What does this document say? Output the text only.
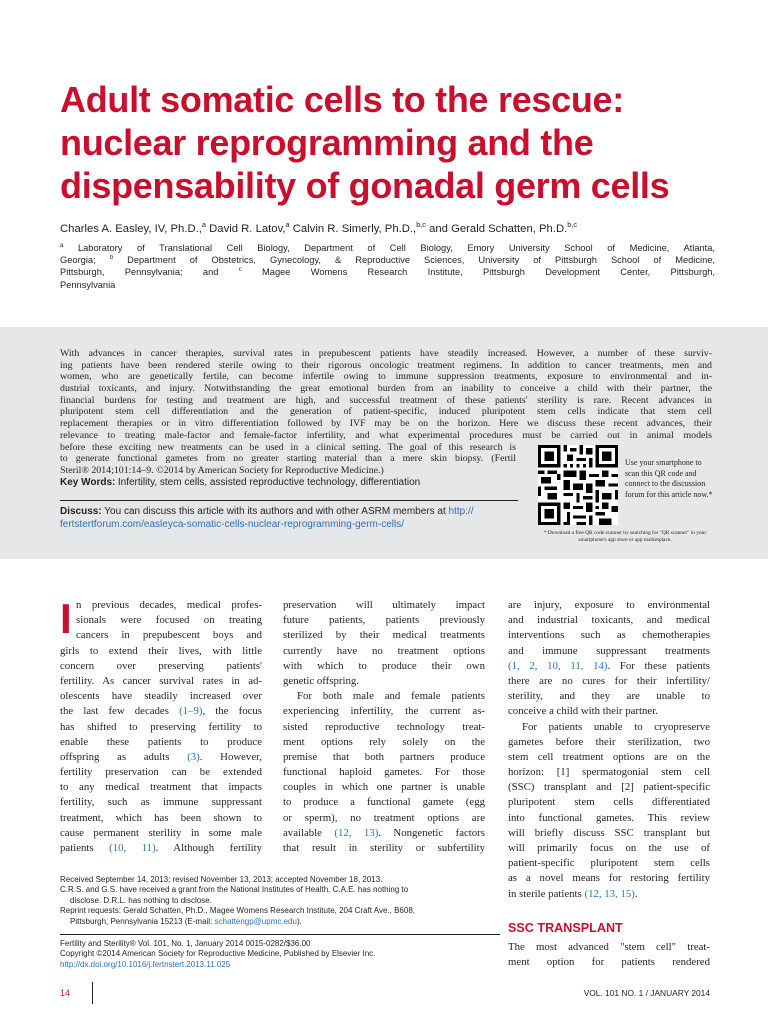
Adult somatic cells to the rescue:
nuclear reprogramming and the
dispensability of gonadal germ cells
Charles A. Easley, IV, Ph.D.,$^a$ David R. Latov,$^a$ Calvin R. Simerly, Ph.D.,$^{b,c}$ and Gerald Schatten, Ph.D.$^{b,c}$
$^a$ Laboratory of Translational Cell Biology, Department of Cell Biology, Emory University School of Medicine, Atlanta,
Georgia; $^b$ Department of Obstetrics, Gynecology, & Reproductive Sciences, University of Pittsburgh School of Medicine,
Pittsburgh, Pennsylvania; and $^c$ Magee Womens Research Institute, Pittsburgh Development Center, Pittsburgh,
Pennsylvania
With advances in cancer therapies, survival rates in prepubescent patients have steadily increased. However, a number of these surviv-
ing patients have been rendered sterile owing to their rigorous oncologic treatment regimens. In addition to cancer treatments, men and
women, who are genetically fertile, can become infertile owing to immune suppression treatments, exposure to environmental and in-
dustrial toxicants, and injury. Notwithstanding the great emotional burden from an inability to conceive a child with their partner, the
financial burdens for testing and treatment are high, and successful treatment of these patients' sterility is rare. Recent advances in
pluripotent stem cell differentiation and the generation of patient-specific, induced pluripotent stem cells indicate that stem cell
replacement therapies or in vitro differentiation followed by IVF may be on the horizon. Here we discuss these recent advances, their
relevance to treating male-factor and female-factor infertility, and what experimental procedures must be carried out in animal models
before these exciting new treatments can be used in a clinical setting. The goal of this research is
to generate functional gametes from no greater starting material than a mere skin biopsy. (Fertil
Steril® 2014;101:14–9. ©2014 by American Society for Reproductive Medicine.)
Key Words: Infertility, stem cells, assisted reproductive technology, differentiation
Discuss: You can discuss this article with its authors and with other ASRM members at http://
fertstertforum.com/easleyca-somatic-cells-nuclear-reprogramming-germ-cells/
Use your smartphone to scan this QR code and connect to the discussion forum for this article now.*
* Download a free QR code scanner by searching for "QR scanner" in your smartphone's app store or app marketplace.
I n previous decades, medical profes-
sionals were focused on treating
cancers in prepubescent boys and
girls to extend their lives, with little
concern over preserving patients'
fertility. As cancer survival rates in ad-
olescents have steadily increased over
the last few decades (1–9), the focus
has shifted to preserving fertility to
enable these patients to produce
offspring as adults (3). However,
fertility preservation can be extended
to any medical treatment that impacts
fertility, such as immune suppressant
treatment, which has been shown to
cause permanent sterility in some male
patients (10, 11). Although fertility
preservation will ultimately impact
future patients, patients previously
sterilized by their medical treatments
currently have no treatment options
with which to produce their own
genetic offspring.
For both male and female patients
experiencing infertility, the current as-
sisted reproductive technology treat-
ment options rely solely on the
premise that both partners produce
functional haploid gametes. For those
couples in which one partner is unable
to produce a functional gamete (egg
or sperm), no treatment options are
available (12, 13). Nongenetic factors
that result in sterility or subfertility
are injury, exposure to environmental
and industrial toxicants, and medical
interventions such as chemotherapies
and immune suppressant treatments
(1, 2, 10, 11, 14). For these patients
there are no cures for their infertility/
sterility, and they are unable to
conceive a child with their partner.
For patients unable to cryopreserve
gametes before their sterilization, two
stem cell treatment options are on the
horizon: [1] spermatogonial stem cell
(SSC) transplant and [2] patient-specific
pluripotent stem cells differentiated
into functional gametes. This review
will briefly discuss SSC transplant but
will primarily focus on the use of
patient-specific pluripotent stem cells
as a novel means for restoring fertility
in sterile patients (12, 13, 15).
SSC TRANSPLANT
The most advanced "stem cell" treat-
ment option for patients rendered
Received September 14, 2013; revised November 13, 2013; accepted November 18, 2013.
C.R.S. and G.S. have received a grant from the National Institutes of Health. C.A.E. has nothing to
disclose. D.R.L. has nothing to disclose.
Reprint requests: Gerald Schatten, Ph.D., Magee Womens Research Institute, 204 Craft Ave., B608,
Pittsburgh, Pennsylvania 15213 (E-mail: schattengp@upmc.edu).
Fertility and Sterility® Vol. 101, No. 1, January 2014 0015-0282/$36.00
Copyright ©2014 American Society for Reproductive Medicine, Published by Elsevier Inc.
http://dx.doi.org/10.1016/j.fertnstert.2013.11.025
14	VOL. 101 NO. 1 / JANUARY 2014
